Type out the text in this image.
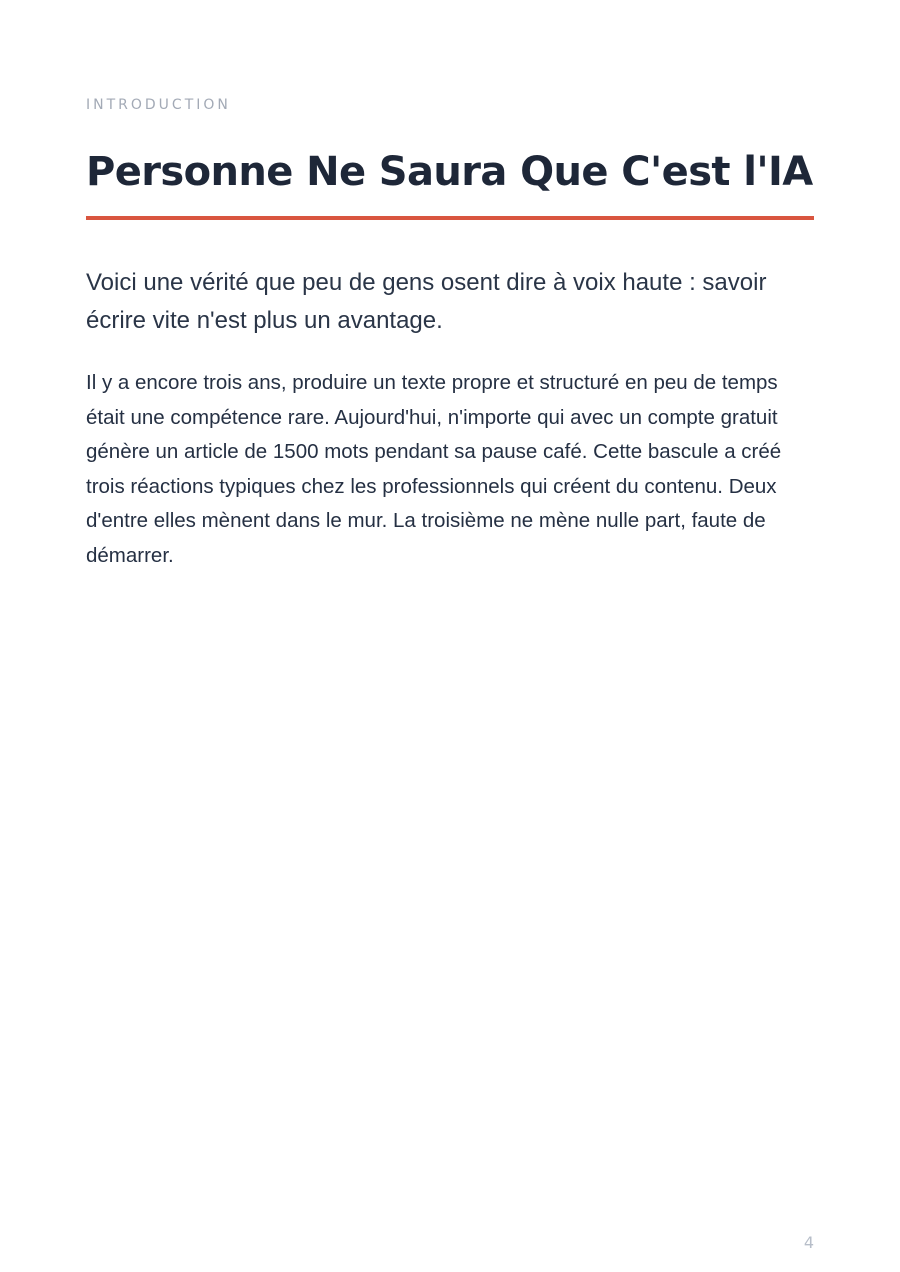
INTRODUCTION
Personne Ne Saura Que C'est l'IA

Voici une vérité que peu de gens osent dire à voix haute : savoir écrire vite n'est plus un avantage.

Il y a encore trois ans, produire un texte propre et structuré en peu de temps était une compétence rare. Aujourd'hui, n'importe qui avec un compte gratuit génère un article de 1500 mots pendant sa pause café. Cette bascule a créé trois réactions typiques chez les professionnels qui créent du contenu. Deux d'entre elles mènent dans le mur. La troisième ne mène nulle part, faute de démarrer.

4
